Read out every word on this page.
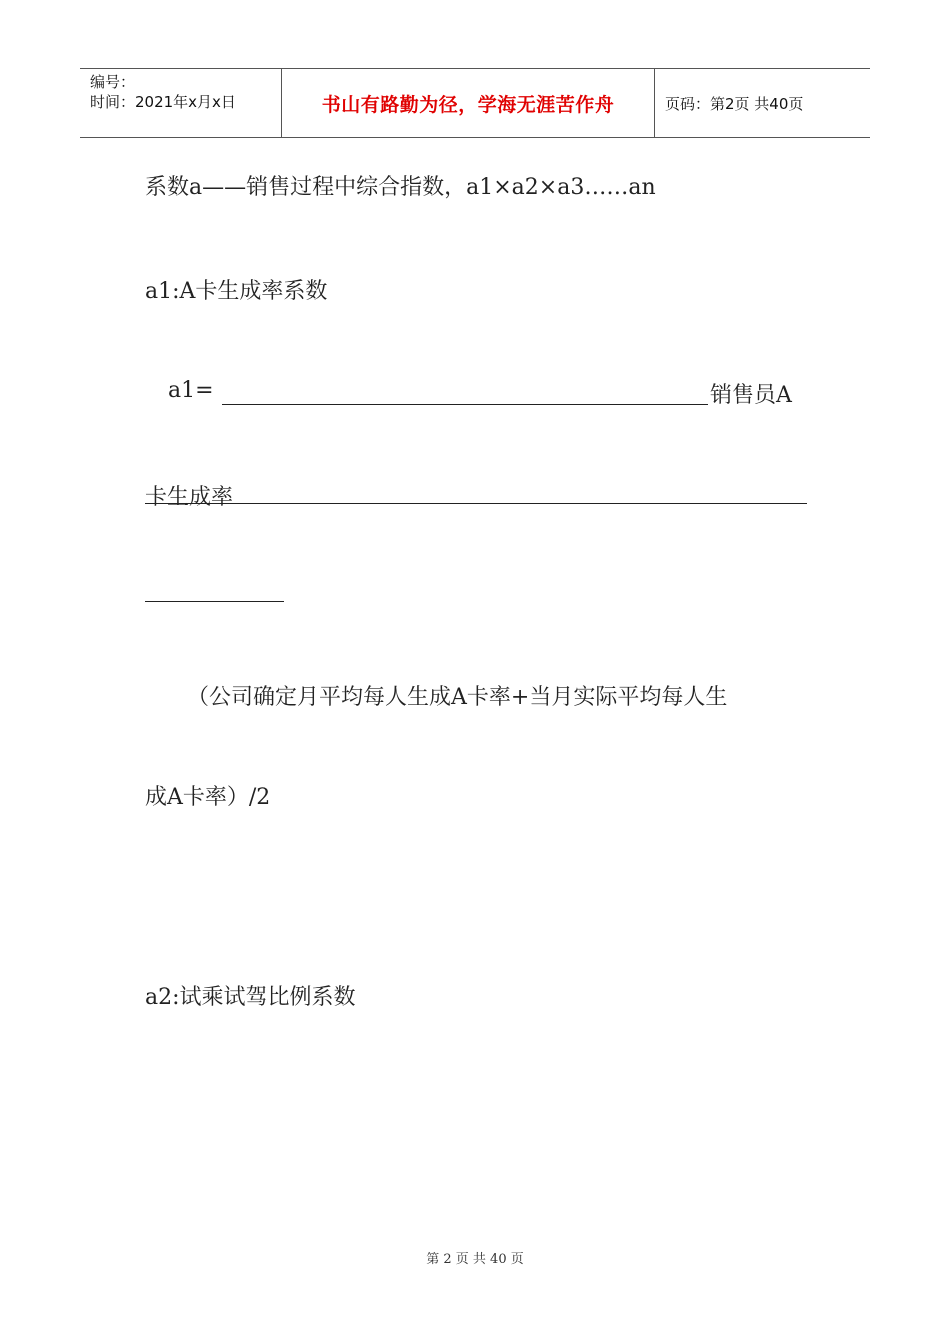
编号：
时间：2021年x月x日	书山有路勤为径，学海无涯苦作舟	页码：第2页 共40页
系数a——销售过程中综合指数，a1×a2×a3……an
a1:A卡生成率系数
a1=	销售员A
卡生成率
（公司确定月平均每人生成A卡率+当月实际平均每人生
成A卡率）/2
a2:试乘试驾比例系数
第 2 页 共 40 页
